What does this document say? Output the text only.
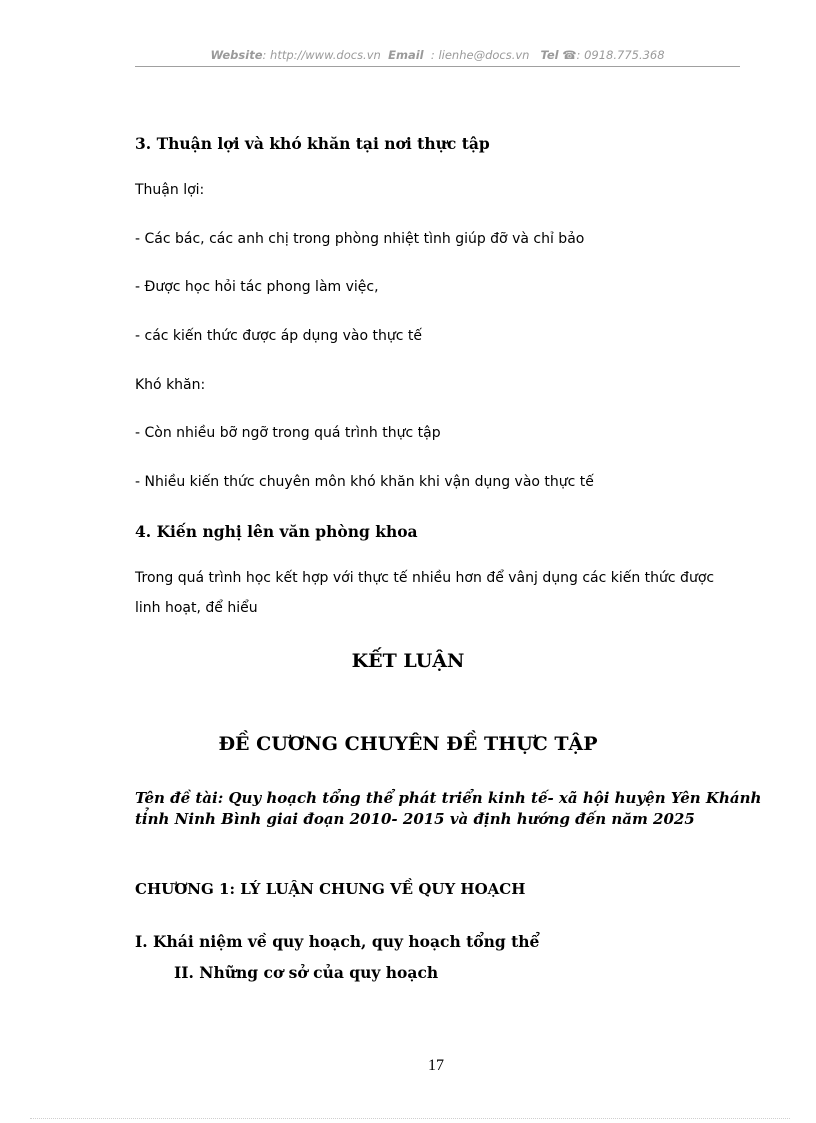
Website: http://www.docs.vn Email : lienhe@docs.vn Tel ☎: 0918.775.368
3. Thuận lợi và khó khăn tại nơi thực tập
Thuận lợi:
- Các bác, các anh chị trong phòng nhiệt tình giúp đỡ và chỉ bảo
- Được học hỏi tác phong làm việc,
- các kiến thức được áp dụng vào thực tế
Khó khăn:
- Còn nhiều bỡ ngỡ trong quá trình thực tập
- Nhiều kiến thức chuyên môn khó khăn khi vận dụng vào thực tế
4. Kiến nghị lên văn phòng khoa
Trong quá trình học kết hợp với thực tế nhiều hơn để vânj dụng các kiến thức được
linh hoạt, để hiểu
KẾT LUẬN
ĐỀ CƯƠNG CHUYÊN ĐỀ THỰC TẬP
Tên đề tài: Quy hoạch tổng thể phát triển kinh tế- xã hội huyện Yên Khánh
tỉnh Ninh Bình giai đoạn 2010- 2015 và định hướng đến năm 2025
CHƯƠNG 1: LÝ LUẬN CHUNG VỀ QUY HOẠCH
I. Khái niệm về quy hoạch, quy hoạch tổng thể
II. Những cơ sở của quy hoạch
17
